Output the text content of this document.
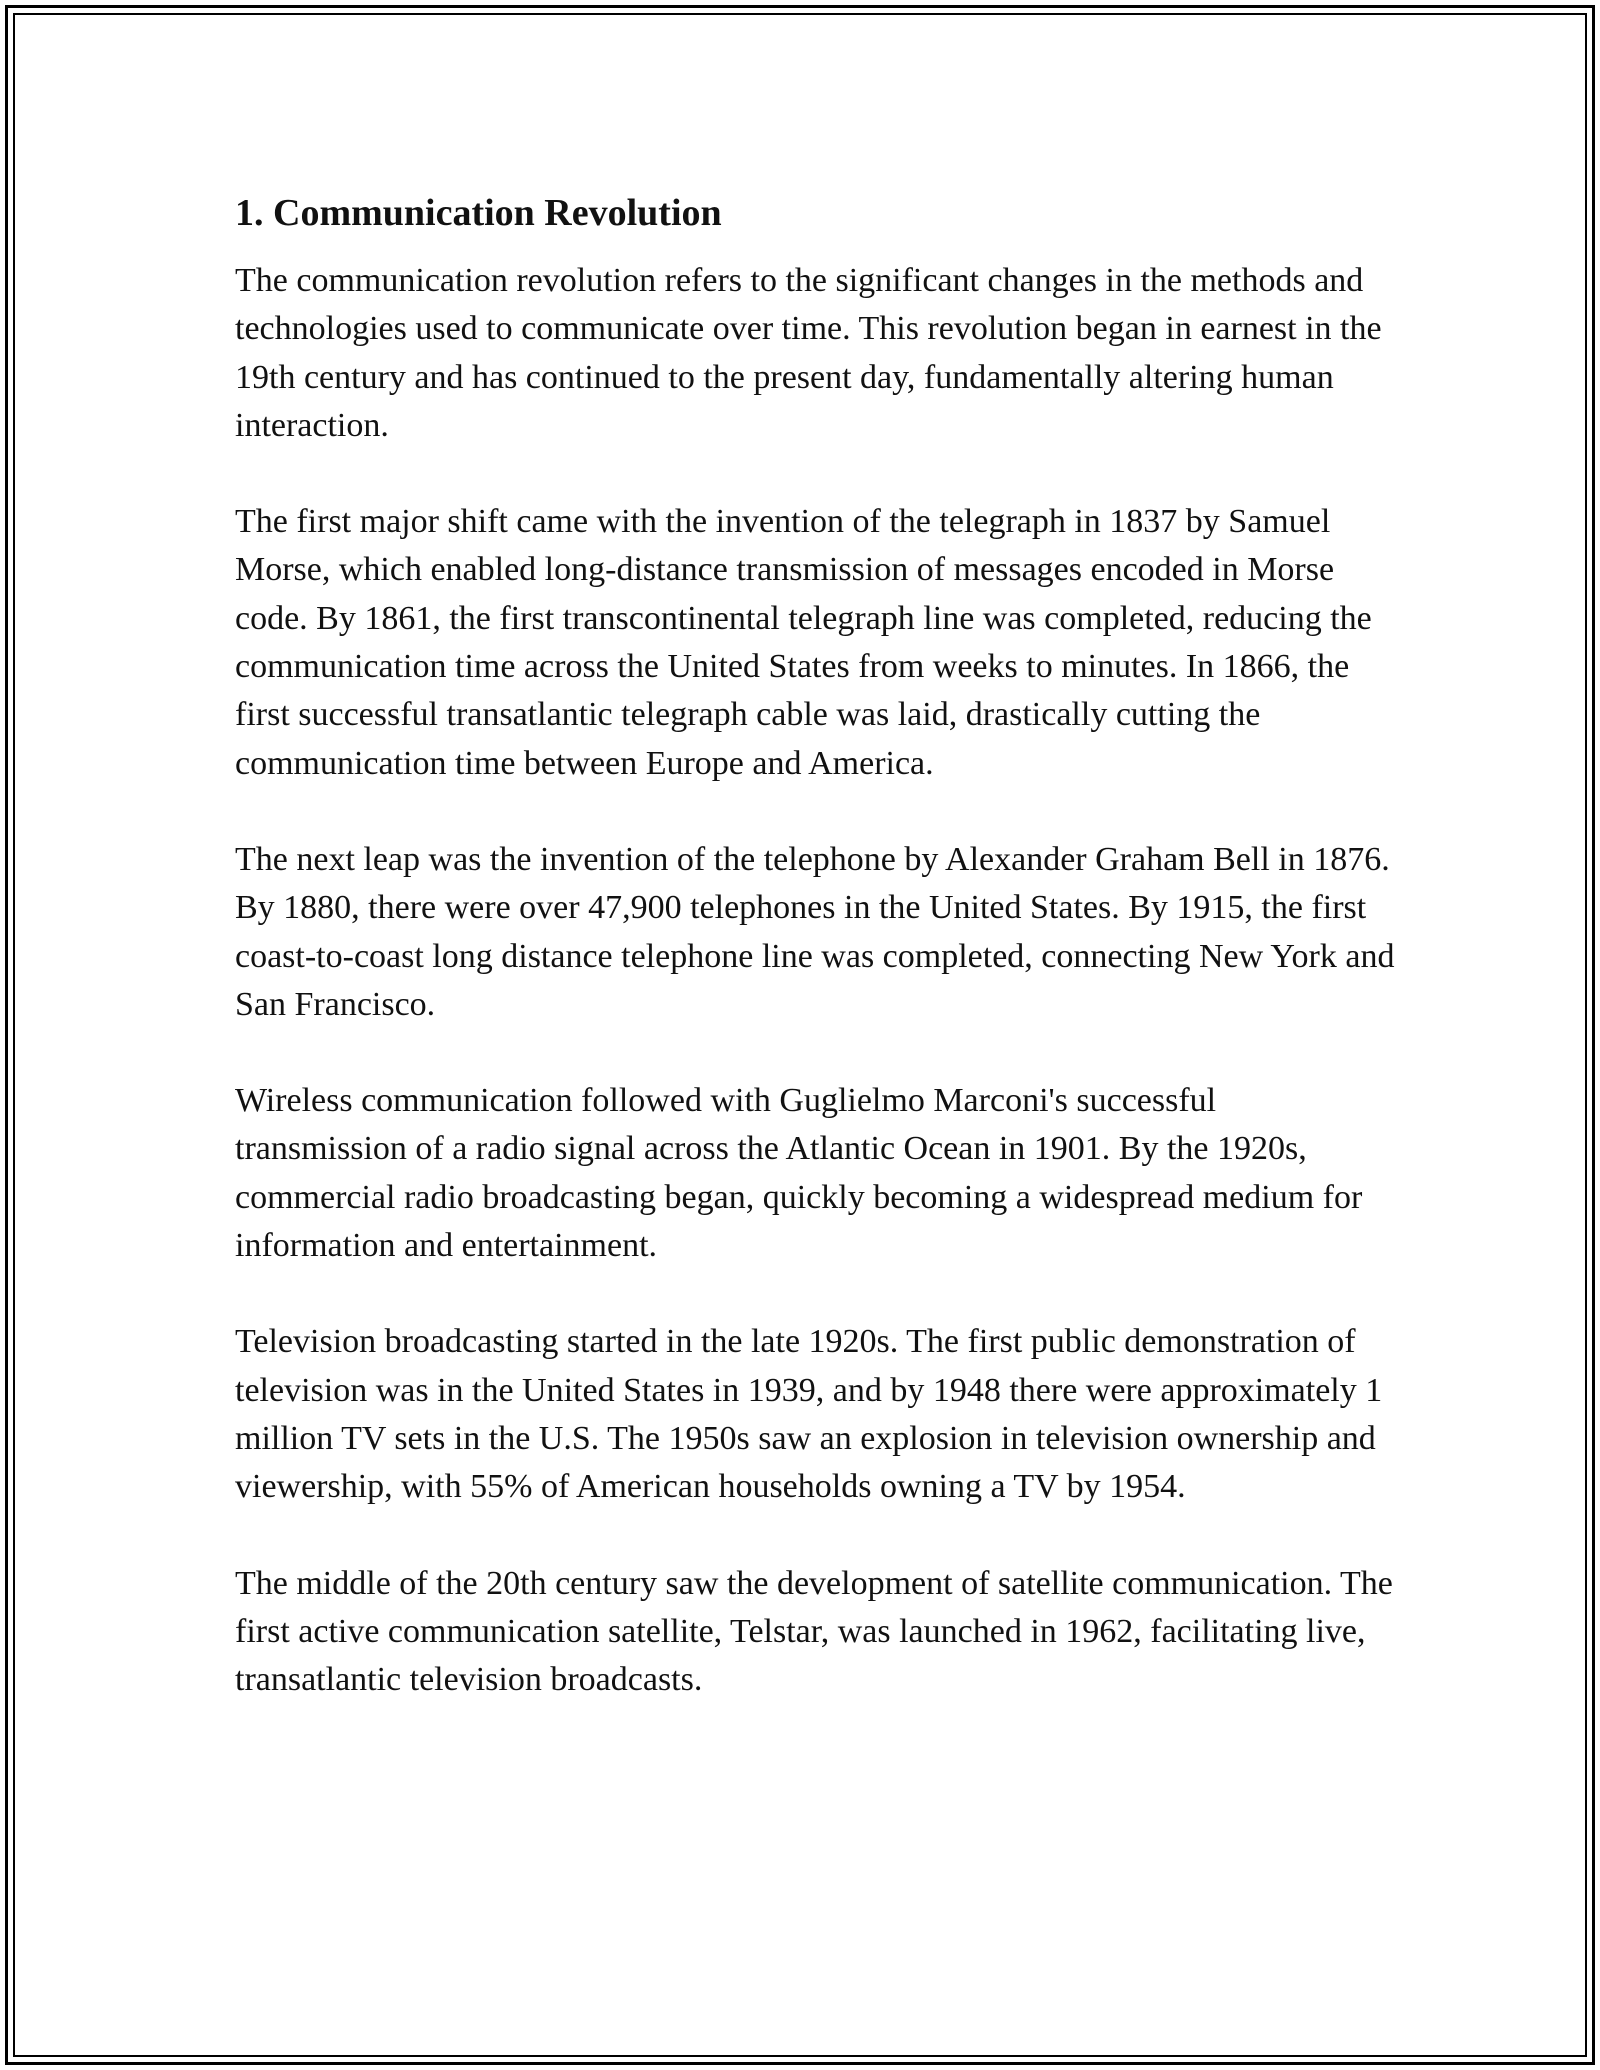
1. Communication Revolution

The communication revolution refers to the significant changes in the methods and technologies used to communicate over time. This revolution began in earnest in the 19th century and has continued to the present day, fundamentally altering human interaction.

The first major shift came with the invention of the telegraph in 1837 by Samuel Morse, which enabled long-distance transmission of messages encoded in Morse code. By 1861, the first transcontinental telegraph line was completed, reducing the communication time across the United States from weeks to minutes. In 1866, the first successful transatlantic telegraph cable was laid, drastically cutting the communication time between Europe and America.

The next leap was the invention of the telephone by Alexander Graham Bell in 1876. By 1880, there were over 47,900 telephones in the United States. By 1915, the first coast-to-coast long distance telephone line was completed, connecting New York and San Francisco.

Wireless communication followed with Guglielmo Marconi's successful transmission of a radio signal across the Atlantic Ocean in 1901. By the 1920s, commercial radio broadcasting began, quickly becoming a widespread medium for information and entertainment.

Television broadcasting started in the late 1920s. The first public demonstration of television was in the United States in 1939, and by 1948 there were approximately 1 million TV sets in the U.S. The 1950s saw an explosion in television ownership and viewership, with 55% of American households owning a TV by 1954.

The middle of the 20th century saw the development of satellite communication. The first active communication satellite, Telstar, was launched in 1962, facilitating live, transatlantic television broadcasts.
